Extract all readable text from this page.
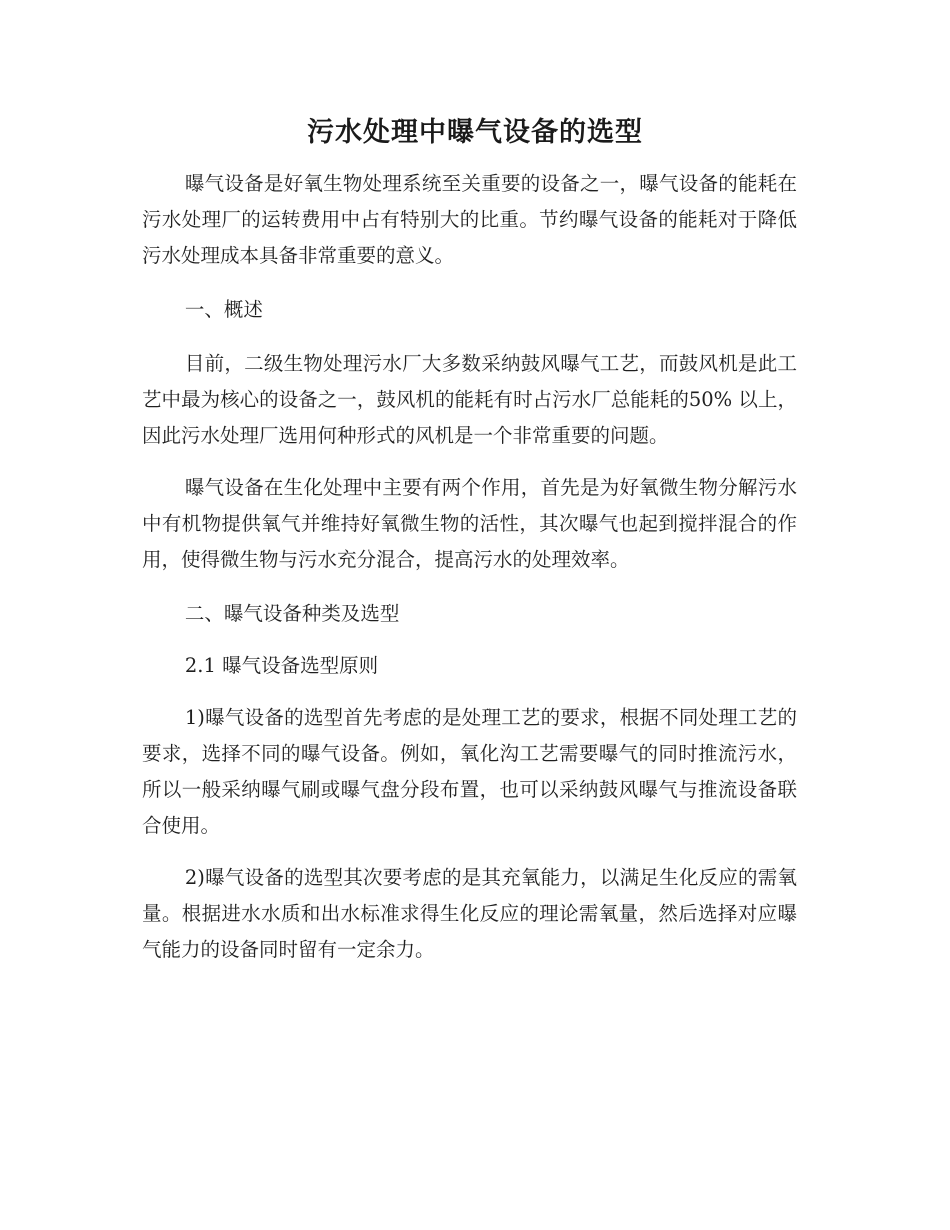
污水处理中曝气设备的选型

曝气设备是好氧生物处理系统至关重要的设备之一，曝气设备的能耗在污水处理厂的运转费用中占有特别大的比重。节约曝气设备的能耗对于降低污水处理成本具备非常重要的意义。

一、概述

目前，二级生物处理污水厂大多数采纳鼓风曝气工艺，而鼓风机是此工艺中最为核心的设备之一，鼓风机的能耗有时占污水厂总能耗的50% 以上，因此污水处理厂选用何种形式的风机是一个非常重要的问题。

曝气设备在生化处理中主要有两个作用，首先是为好氧微生物分解污水中有机物提供氧气并维持好氧微生物的活性，其次曝气也起到搅拌混合的作用，使得微生物与污水充分混合，提高污水的处理效率。

二、曝气设备种类及选型

2.1 曝气设备选型原则

1)曝气设备的选型首先考虑的是处理工艺的要求，根据不同处理工艺的要求，选择不同的曝气设备。例如，氧化沟工艺需要曝气的同时推流污水，所以一般采纳曝气刷或曝气盘分段布置，也可以采纳鼓风曝气与推流设备联合使用。

2)曝气设备的选型其次要考虑的是其充氧能力，以满足生化反应的需氧量。根据进水水质和出水标准求得生化反应的理论需氧量，然后选择对应曝气能力的设备同时留有一定余力。
